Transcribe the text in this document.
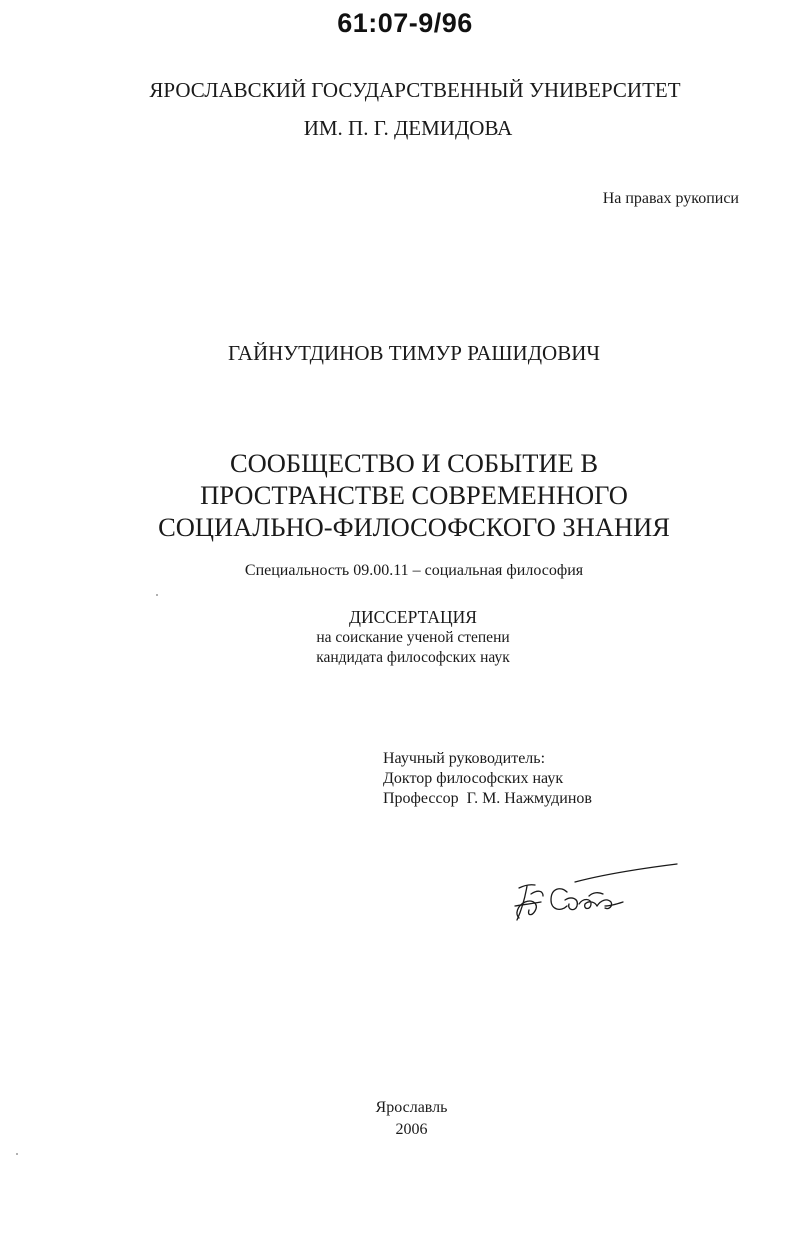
61:07-9/96
ЯРОСЛАВСКИЙ ГОСУДАРСТВЕННЫЙ УНИВЕРСИТЕТ
ИМ. П. Г. ДЕМИДОВА
На правах рукописи
ГАЙНУТДИНОВ ТИМУР РАШИДОВИЧ
СООБЩЕСТВО И СОБЫТИЕ В
ПРОСТРАНСТВЕ СОВРЕМЕННОГО
СОЦИАЛЬНО-ФИЛОСОФСКОГО ЗНАНИЯ
Специальность 09.00.11 – социальная философия
ДИССЕРТАЦИЯ
на соискание ученой степени
кандидата философских наук
Научный руководитель:
Доктор философских наук
Профессор  Г. М. Нажмудинов
Ярославль
2006
